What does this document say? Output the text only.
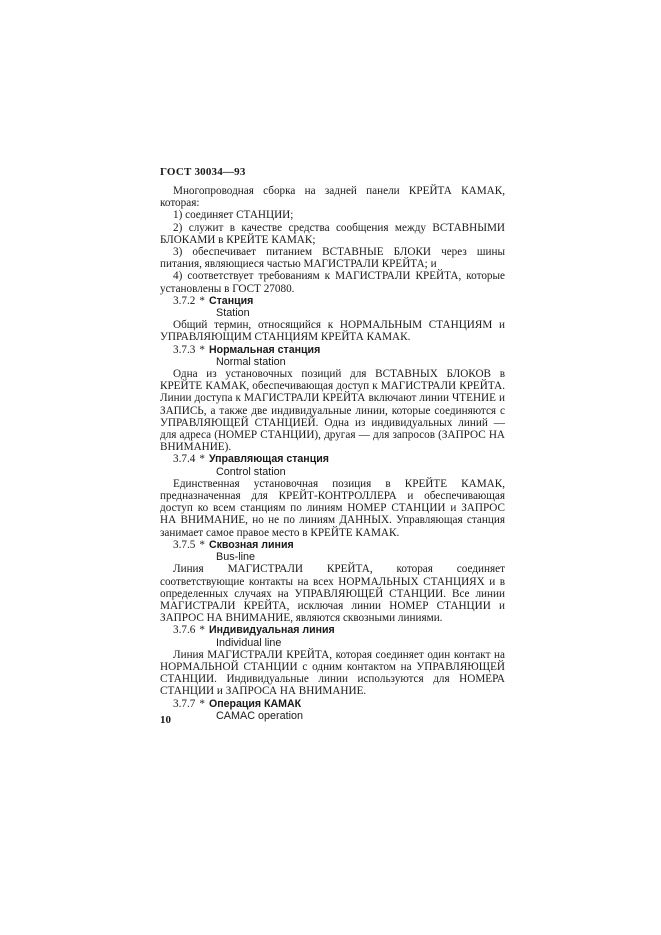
ГОСТ 30034—93

Многопроводная сборка на задней панели КРЕЙТА КАМАК, которая:

1) соединяет СТАНЦИИ;

2) служит в качестве средства сообщения между ВСТАВНЫМИ БЛОКАМИ в КРЕЙТЕ КАМАК;

3) обеспечивает питанием ВСТАВНЫЕ БЛОКИ через шины питания, являющиеся частью МАГИСТРАЛИ КРЕЙТА; и

4) соответствует требованиям к МАГИСТРАЛИ КРЕЙТА, которые установлены в ГОСТ 27080.

3.7.2 * Станция

Station

Общий термин, относящийся к НОРМАЛЬНЫМ СТАНЦИЯМ и УПРАВЛЯЮЩИМ СТАНЦИЯМ КРЕЙТА КАМАК.

3.7.3 * Нормальная станция

Normal station

Одна из установочных позиций для ВСТАВНЫХ БЛОКОВ в КРЕЙТЕ КАМАК, обеспечивающая доступ к МАГИСТРАЛИ КРЕЙТА. Линии доступа к МАГИСТРАЛИ КРЕЙТА включают линии ЧТЕНИЕ и ЗАПИСЬ, а также две индивидуальные линии, которые соединяются с УПРАВЛЯЮЩЕЙ СТАНЦИЕЙ. Одна из индивидуальных линий — для адреса (НОМЕР СТАНЦИИ), другая — для запросов (ЗАПРОС НА ВНИМАНИЕ).

3.7.4 * Управляющая станция

Control station

Единственная установочная позиция в КРЕЙТЕ КАМАК, предназначенная для КРЕЙТ-КОНТРОЛЛЕРА и обеспечивающая доступ ко всем станциям по линиям НОМЕР СТАНЦИИ и ЗАПРОС НА ВНИМАНИЕ, но не по линиям ДАННЫХ. Управляющая станция занимает самое правое место в КРЕЙТЕ КАМАК.

3.7.5 * Сквозная линия

Bus-line

Линия МАГИСТРАЛИ КРЕЙТА, которая соединяет соответствующие контакты на всех НОРМАЛЬНЫХ СТАНЦИЯХ и в определенных случаях на УПРАВЛЯЮЩЕЙ СТАНЦИИ. Все линии МАГИСТРАЛИ КРЕЙТА, исключая линии НОМЕР СТАНЦИИ и ЗАПРОС НА ВНИМАНИЕ, являются сквозными линиями.

3.7.6 * Индивидуальная линия

Individual line

Линия МАГИСТРАЛИ КРЕЙТА, которая соединяет один контакт на НОРМАЛЬНОЙ СТАНЦИИ с одним контактом на УПРАВЛЯЮЩЕЙ СТАНЦИИ. Индивидуальные линии используются для НОМЕРА СТАНЦИИ и ЗАПРОСА НА ВНИМАНИЕ.

3.7.7 * Операция КАМАК

CAMAC operation

10
